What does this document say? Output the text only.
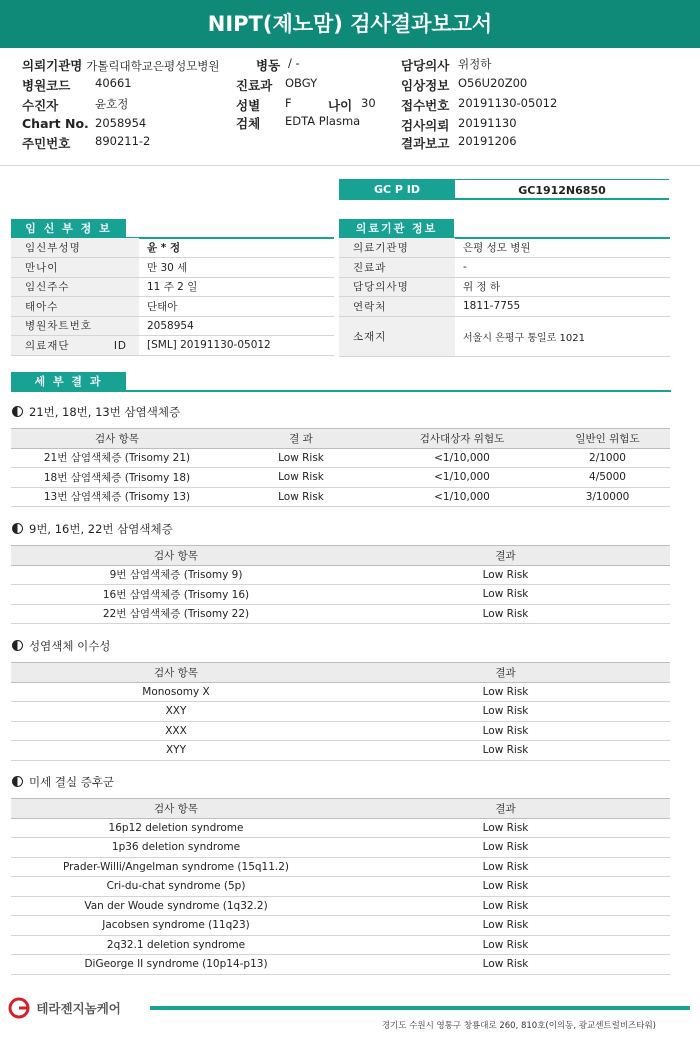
NIPT(제노맘) 검사결과보고서
의뢰기관명 가톨릭대학교은평성모병원
병원코드 40661
수진자	윤호정
Chart No. 2058954
주민번호 890211-2
병동 / -
진료과 OBGY
성별 F	나이 30
검체 EDTA Plasma
담당의사 위정하
임상정보 O56U20Z00
접수번호 20191130-05012
검사의뢰 20191130
결과보고 20191206
GC P ID	GC1912N6850
임 신 부 정 보
임신부성명	윤 * 정
만나이	만 30 세
임신주수	11 주 2 일
태아수	단태아
병원차트번호	2058954
의료재단 ID	[SML] 20191130-05012
의료기관 정보
의료기관명	은평 성모 병원
진료과	-
담당의사명	위 정 하
연락처	1811-7755
소재지	서울시 은평구 통일로 1021
세 부 결 과
21번, 18번, 13번 삼염색체증
검사 항목	결 과	검사대상자 위험도	일반인 위험도
21번 삼염색체증 (Trisomy 21)	Low Risk	<1/10,000	2/1000
18번 삼염색체증 (Trisomy 18)	Low Risk	<1/10,000	4/5000
13번 삼염색체증 (Trisomy 13)	Low Risk	<1/10,000	3/10000
9번, 16번, 22번 삼염색체증
검사 항목	결과
9번 삼염색체증 (Trisomy 9)	Low Risk
16번 삼염색체증 (Trisomy 16)	Low Risk
22번 삼염색체증 (Trisomy 22)	Low Risk
성염색체 이수성
검사 항목	결과
Monosomy X	Low Risk
XXY	Low Risk
XXX	Low Risk
XYY	Low Risk
미세 결실 증후군
검사 항목	결과
16p12 deletion syndrome	Low Risk
1p36 deletion syndrome	Low Risk
Prader-Willi/Angelman syndrome (15q11.2)	Low Risk
Cri-du-chat syndrome (5p)	Low Risk
Van der Woude syndrome (1q32.2)	Low Risk
Jacobsen syndrome (11q23)	Low Risk
2q32.1 deletion syndrome	Low Risk
DiGeorge II syndrome (10p14-p13)	Low Risk
테라젠지놈케어
경기도 수원시 영통구 창룡대로 260, 810호(이의동, 광교센트럴비즈타워)
